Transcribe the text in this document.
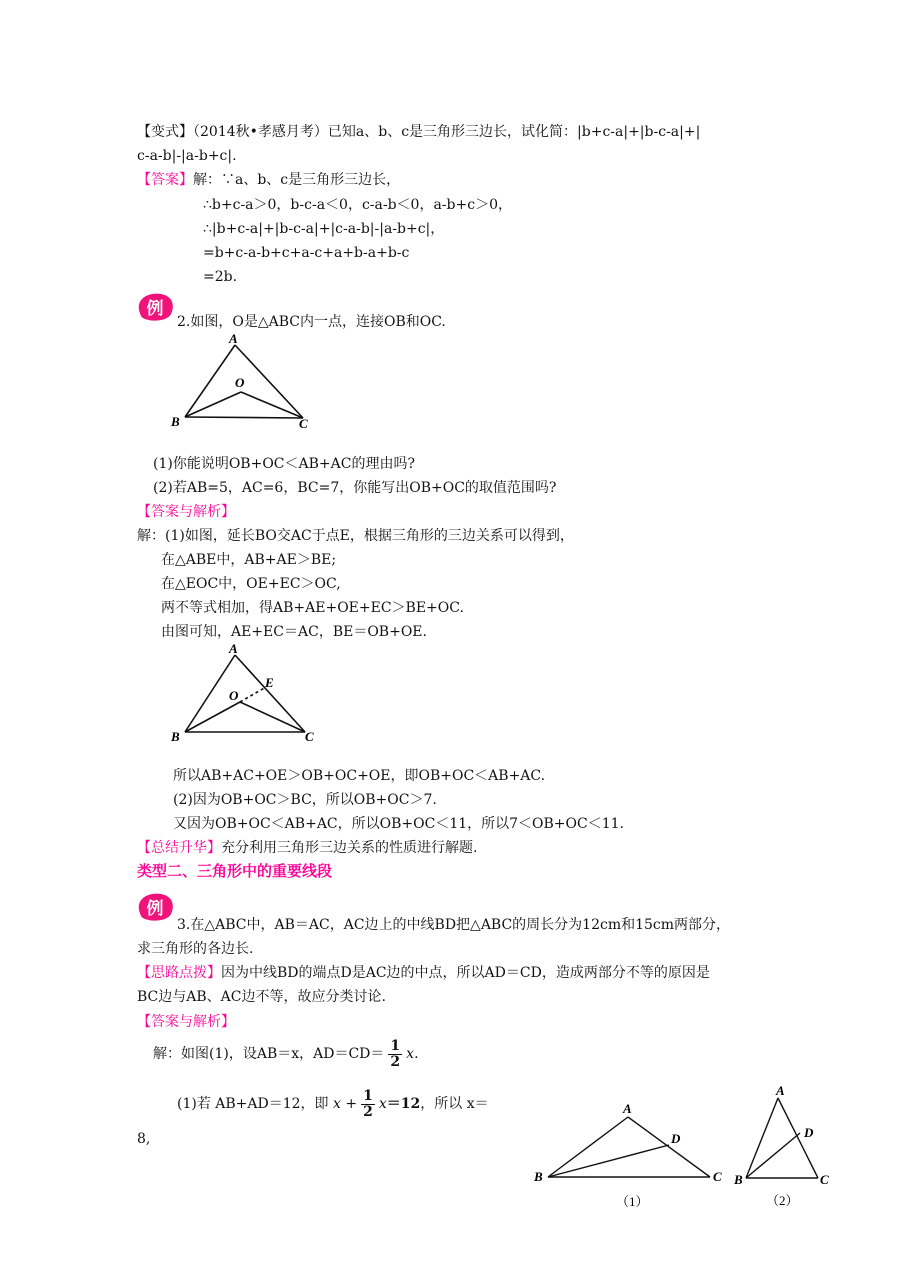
【变式】（2014秋•孝感月考）已知a、b、c是三角形三边长，试化简：|b+c-a|+|b-c-a|+|
c-a-b|-|a-b+c|.
【答案】解：∵a、b、c是三角形三边长，
∴b+c-a＞0，b-c-a＜0，c-a-b＜0，a-b+c＞0，
∴|b+c-a|+|b-c-a|+|c-a-b|-|a-b+c|，
=b+c-a-b+c+a-c+a+b-a+b-c
=2b.
例
2.如图，O是△ABC内一点，连接OB和OC.
A
B	C
O
(1)你能说明OB+OC＜AB+AC的理由吗?
(2)若AB=5，AC=6，BC=7，你能写出OB+OC的取值范围吗?
【答案与解析】
解：(1)如图，延长BO交AC于点E，根据三角形的三边关系可以得到，
在△ABE中，AB+AE＞BE;
在△EOC中，OE+EC＞OC,
两不等式相加，得AB+AE+OE+EC＞BE+OC.
由图可知，AE+EC＝AC，BE＝OB+OE.
A
B	C
O
E
所以AB+AC+OE＞OB+OC+OE，即OB+OC＜AB+AC.
(2)因为OB+OC＞BC，所以OB+OC＞7.
又因为OB+OC＜AB+AC，所以OB+OC＜11，所以7＜OB+OC＜11.
【总结升华】充分利用三角形三边关系的性质进行解题.
类型二、三角形中的重要线段
例
3.在△ABC中，AB＝AC，AC边上的中线BD把△ABC的周长分为12cm和15cm两部分，
求三角形的各边长.
【思路点拨】因为中线BD的端点D是AC边的中点，所以AD＝CD，造成两部分不等的原因是
BC边与AB、AC边不等，故应分类讨论.
【答案与解析】
解：如图(1)，设AB＝x，$AD=CD= \frac{1}{2} x$.
(1)若 AB+AD＝12，即 $x + \frac{1}{2} x=12$，所以 x＝
8,
A
B	C
D
（1）
A
B	C
D
（2）
